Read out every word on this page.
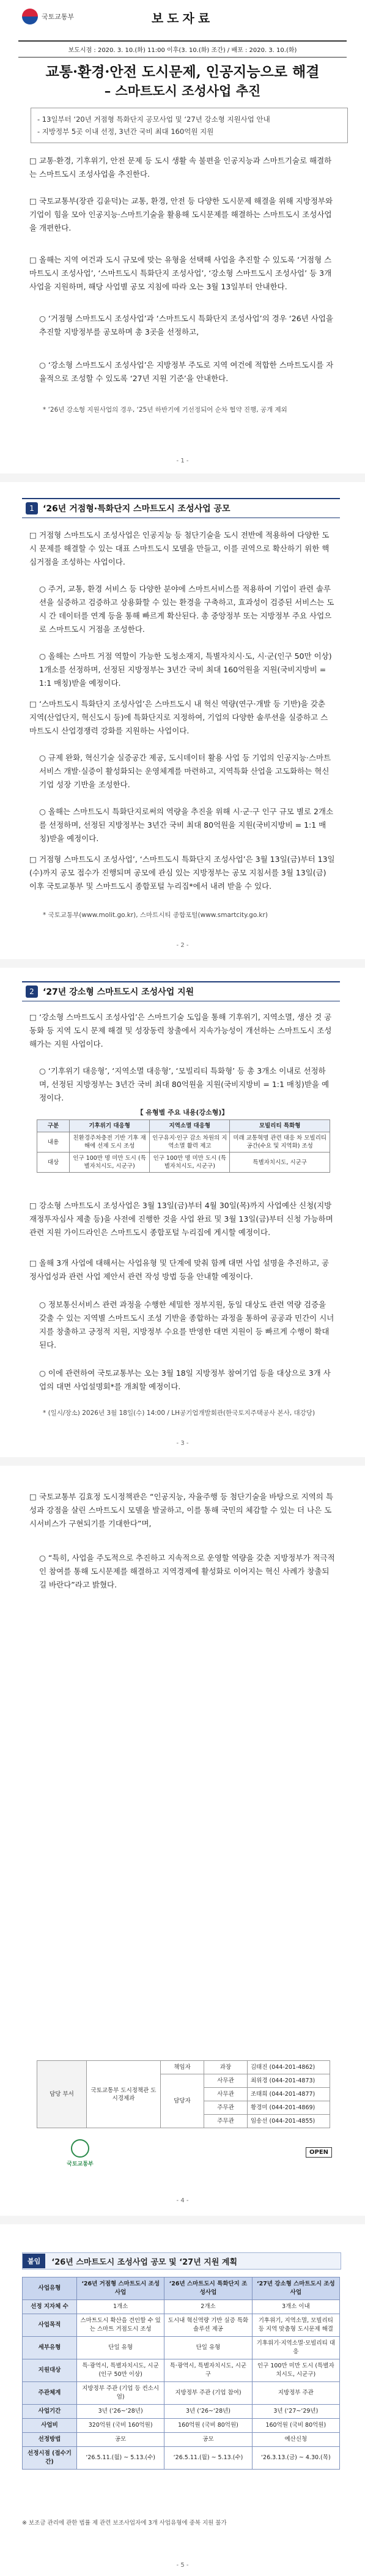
국토교통부	보도자료
보도시점 : 2020. 3. 10.(화) 11:00 이후(3. 10.(화) 조간) / 배포 : 2020. 3. 10.(화)
교통·환경·안전 도시문제, 인공지능으로 해결
– 스마트도시 조성사업 추진
- 13일부터 ‘20년 거점형 특화단지 공모사업 및 ‘27년 강소형 지원사업 안내
- 지방정부 5곳 이내 선정, 3년간 국비 최대 160억원 지원
□ 교통·환경, 기후위기, 안전 문제 등 도시 생활 속 불편을 인공지능과 스마트기술로 해결하는 스마트도시 조성사업을 추진한다.
□ 국토교통부(장관 김윤덕)는 교통, 환경, 안전 등 다양한 도시문제 해결을 위해 지방정부와 기업이 힘을 모아 인공지능·스마트기술을 활용해 도시문제를 해결하는 스마트도시 조성사업을 개편한다.
□ 올해는 지역 여건과 도시 규모에 맞는 유형을 선택해 사업을 추진할 수 있도록 ‘거점형 스마트도시 조성사업’, ‘스마트도시 특화단지 조성사업’, ‘강소형 스마트도시 조성사업’ 등 3개 사업을 지원하며, 해당 사업별 공모 지침에 따라 오는 3월 13일부터 안내한다.
○ ‘거점형 스마트도시 조성사업’과 ‘스마트도시 특화단지 조성사업’의 경우 ‘26년 사업을 추진할 지방정부를 공모하며 총 3곳을 선정하고,
○ ‘강소형 스마트도시 조성사업’은 지방정부 주도로 지역 여건에 적합한 스마트도시를 자율적으로 조성할 수 있도록 ‘27년 지원 기준’을 안내한다.
* ‘26년 강소형 지원사업의 경우, ‘25년 하반기에 기선정되어 순차 협약 진행, 공개 제외
- 1 -
1	‘26년 거점형·특화단지 스마트도시 조성사업 공모
□ 거점형 스마트도시 조성사업은 인공지능 등 첨단기술을 도시 전반에 적용하여 다양한 도시 문제를 해결할 수 있는 대표 스마트도시 모델을 만들고, 이를 권역으로 확산하기 위한 핵심거점을 조성하는 사업이다.
○ 주거, 교통, 환경 서비스 등 다양한 분야에 스마트서비스를 적용하여 기업이 관련 솔루션을 실증하고 검증하고 상용화할 수 있는 환경을 구축하고, 효과성이 검증된 서비스는 도시 간 데이터를 연계 등을 통해 빠르게 확산된다. 총 중앙정부 또는 지방정부 주요 사업으로 스마트도시 거점을 조성한다.
○ 올해는 스마트 거점 역할이 가능한 도청소재지, 특별자치시·도, 시·군(인구 50만 이상) 1개소를 선정하며, 선정된 지방정부는 3년간 국비 최대 160억원을 지원(국비지방비 = 1:1 매칭)받을 예정이다.
□ ‘스마트도시 특화단지 조성사업’은 스마트도시 내 혁신 역량(연구·개발 등 기반)을 갖춘 지역(산업단지, 혁신도시 등)에 특화단지로 지정하여, 기업의 다양한 솔루션을 실증하고 스마트도시 산업경쟁력 강화를 지원하는 사업이다.
○ 규제 완화, 혁신기술 실증공간 제공, 도시데이터 활용 사업 등 기업의 인공지능·스마트서비스 개발·실증이 활성화되는 운영체계를 마련하고, 지역특화 산업을 고도화하는 혁신기업 성장 기반을 조성한다.
○ 올해는 스마트도시 특화단지로써의 역량을 추진을 위해 시·군·구 인구 규모 별로 2개소를 선정하며, 선정된 지방정부는 3년간 국비 최대 80억원을 지원(국비지방비 = 1:1 매칭)받을 예정이다.
□ 거점형 스마트도시 조성사업’, ‘스마트도시 특화단지 조성사업’은 3월 13일(금)부터 13일(수)까지 공모 접수가 진행되며 공모에 관심 있는 지방정부는 공모 지침서를 3월 13일(금) 이후 국토교통부 및 스마트도시 종합포털 누리집*에서 내려 받을 수 있다.
* 국토교통부(www.molit.go.kr), 스마트시티 종합포털(www.smartcity.go.kr)
- 2 -
2	‘27년 강소형 스마트도시 조성사업 지원
□ ‘강소형 스마트도시 조성사업’은 스마트기술 도입을 통해 기후위기, 지역소멸, 생산 것 공동화 등 지역 도시 문제 해결 및 성장동력 창출에서 지속가능성이 개선하는 스마트도시 조성해가는 지원 사업이다.
○ ‘기후위기 대응형’, ‘지역소멸 대응형’, ‘모빌리티 특화형’ 등 총 3개소 이내로 선정하며, 선정된 지방정부는 3년간 국비 최대 80억원을 지원(국비지방비 = 1:1 매칭)받을 예정이다.
【 유형별 주요 내용(강소형)】
구분	기후위기 대응형	지역소멸 대응형	모빌리티 특화형
내용	친환경주차충전 기반 기후 재해에 선제 도시 조성	인구유지·인구 감소 차원의 지역소멸 활력 제고	미래 교통혁명 관련 대응 차 모빌리티 공간(수요 및 지역화) 조성
대상	인구 100만 명 미만 도시 (특별자치시도, 시군구)	인구 100만 명 미만 도시 (특별자치시도, 시군구)	특별자치시도, 시군구
□ 강소형 스마트도시 조성사업은 3월 13일(금)부터 4월 30일(목)까지 사업예산 신청(지방재정투자심사 제출 등)을 사전에 진행한 것을 사업 완료 및 3월 13일(금)부터 신청 가능하며 관련 지원 가이드라인은 스마트도시 종합포털 누리집에 게시할 예정이다.
□ 올해 3개 사업에 대해서는 사업유형 및 단계에 맞춰 함께 대면 사업 설명을 추진하고, 공정사업성과 관련 사업 제안서 관련 작성 방법 등을 안내할 예정이다.
○ 정보통신서비스 관련 과정을 수행한 세밀한 정부지원, 동일 대상도 관련 역량 검증을 갖출 수 있는 지역별 스마트도시 조성 기반을 종합하는 과정을 통하여 공공과 민간이 시너지를 창출하고 긍정적 지원, 지방정부 수요를 반영한 대면 지원이 등 빠르게 수행이 확대된다.
○ 이에 관련하여 국토교통부는 오는 3월 18일 지방정부 참여기업 등을 대상으로 3개 사업의 대면 사업설명회*를 개최할 예정이다.
* (일시/장소) 2026년 3월 18일(수) 14:00 / LH공기업개발회관(한국토지주택공사 본사, 대강당)
- 3 -
□ 국토교통부 김효정 도시정책관은 “인공지능, 자율주행 등 첨단기술을 바탕으로 지역의 특성과 강점을 살린 스마트도시 모델을 발굴하고, 이를 통해 국민의 체감할 수 있는 더 나은 도시서비스가 구현되기를 기대한다”며,
○ “특히, 사업을 주도적으로 추진하고 지속적으로 운영할 역량을 갖춘 지방정부가 적극적인 참여를 통해 도시문제를 해결하고 지역경제에 활성화로 이어지는 혁신 사례가 창출되길 바란다”라고 밝혔다.
- 4 -
담당 부서	국토교통부 도시정책관 도시경제과	책임자	과장	김태진 (044-201-4862)
		담당자	사무관	최위경 (044-201-4873)
			사무관	조태희 (044-201-4877)
			주무관	황경미 (044-201-4869)
			주무관	임송선 (044-201-4855)
국토교통부
OPEN
붙임	‘26년 스마트도시 조성사업 공모 및 ‘27년 지원 계획
사업유형	‘26년 거점형 스마트도시 조성사업	‘26년 스마트도시 특화단지 조성사업	‘27년 강소형 스마트도시 조성사업
선정 지자체 수	1개소	2개소	3개소 이내
사업목적	스마트도시 확산을 견인할 수 있는 스마트 거점도시 조성	도시내 혁신역량 기반 실증 특화 솔루션 제공	기후위기, 지역소멸, 모빌리티 등 지역 맞춤형 도시문제 해결
세부유형	단일 유형	단일 유형	기후위기·지역소멸·모빌리티 대응
지원대상	특·광역시, 특별자치시도, 시군(인구 50만 이상)	특·광역시, 특별자치시도, 시군구	인구 100만 미만 도시 (특별자치시도, 시군구)
주관체계	지방정부 주관 (기업 등 컨소시엄)	지방정부 주관 (기업 참여)	지방정부 주관
사업기간	3년 (‘26~‘28년)	3년 (‘26~‘28년)	3년 (‘27~‘29년)
사업비	320억원 (국비 160억원)	160억원 (국비 80억원)	160억원 (국비 80억원)
선정방법	공모	공모	예산신청
선정시점 (접수기간)	‘26.5.11.(월) ~ 5.13.(수)	‘26.5.11.(월) ~ 5.13.(수)	‘26.3.13.(금) ~ 4.30.(목)
※ 보조금 관리에 관한 법률 제 관련 보조사업자에 3개 사업유형에 중복 지원 불가
- 5 -
